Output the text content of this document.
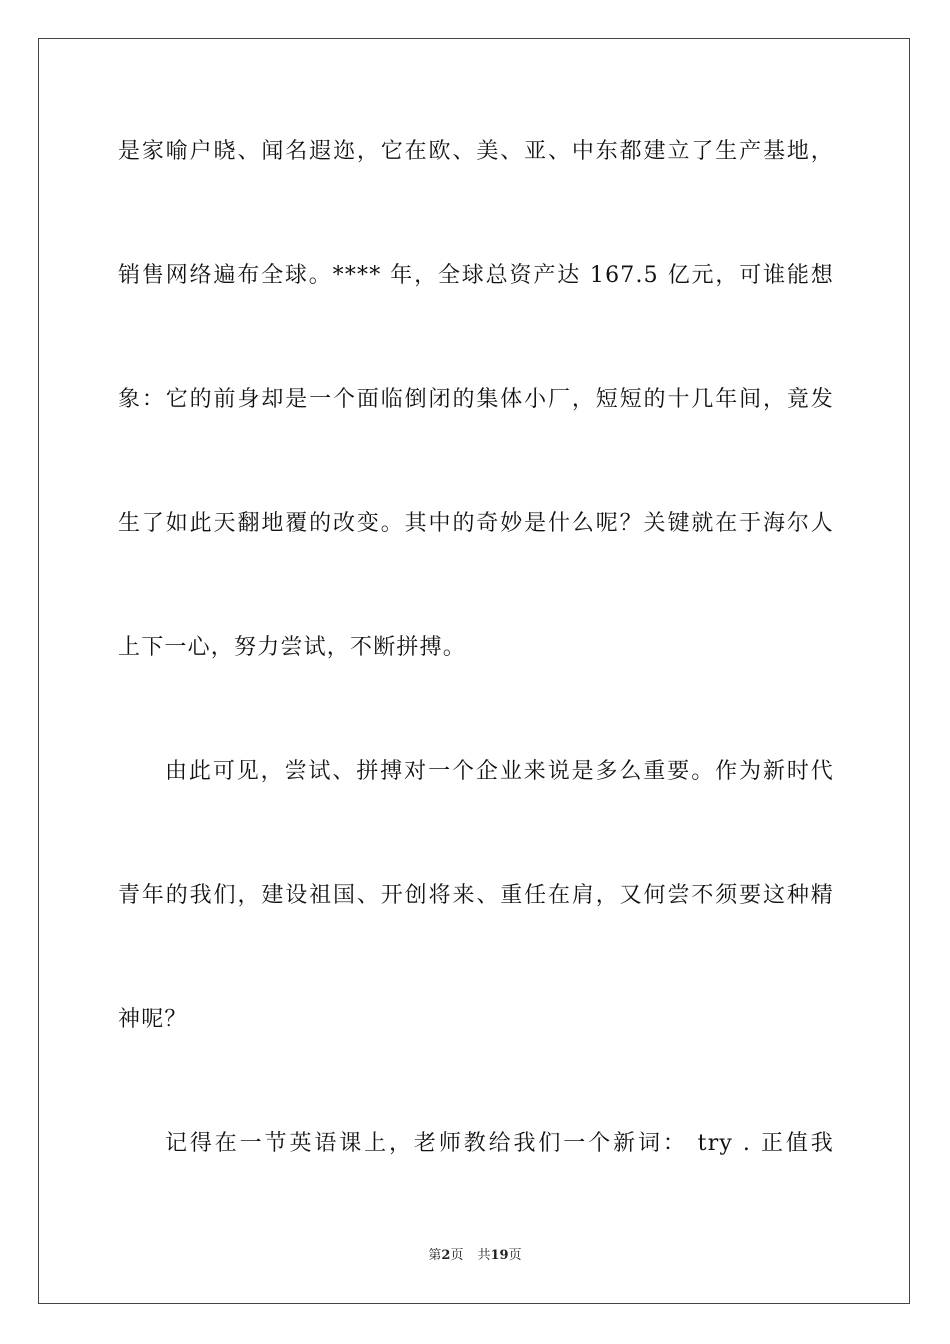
是家喻户晓、闻名遐迩，它在欧、美、亚、中东都建立了生产基地，
销售网络遍布全球。**** 年，全球总资产达 167.5 亿元，可谁能想
象：它的前身却是一个面临倒闭的集体小厂，短短的十几年间，竟发
生了如此天翻地覆的改变。其中的奇妙是什么呢？关键就在于海尔人
上下一心，努力尝试，不断拼搏。
由此可见，尝试、拼搏对一个企业来说是多么重要。作为新时代
青年的我们，建设祖国、开创将来、重任在肩，又何尝不须要这种精
神呢？
记得在一节英语课上，老师教给我们一个新词： try . 正值我
第2页 共19页
